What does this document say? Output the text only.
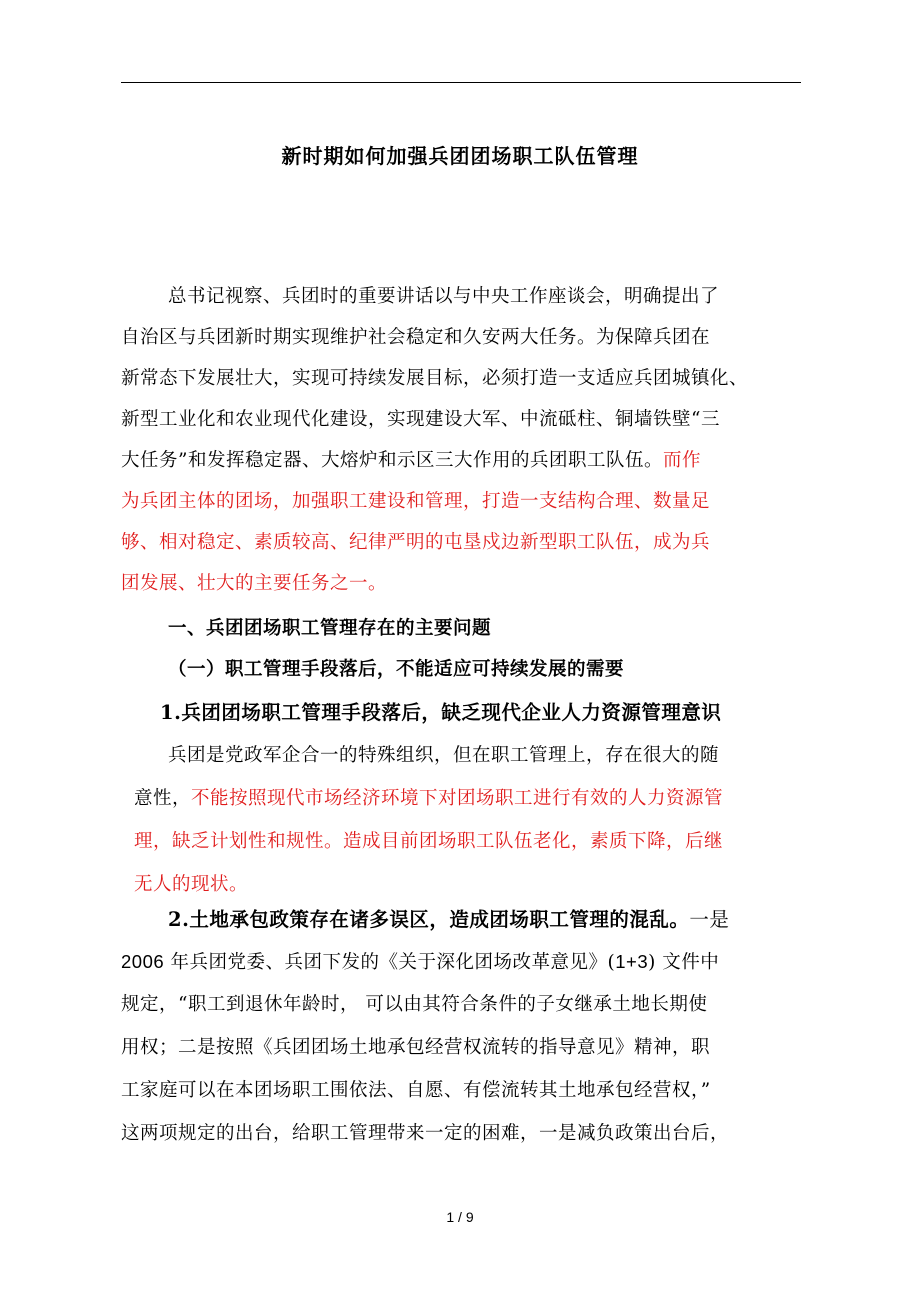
新时期如何加强兵团团场职工队伍管理
总书记视察、兵团时的重要讲话以与中央工作座谈会，明确提出了
自治区与兵团新时期实现维护社会稳定和久安两大任务。为保障兵团在
新常态下发展壮大，实现可持续发展目标，必须打造一支适应兵团城镇化、
新型工业化和农业现代化建设，实现建设大军、中流砥柱、铜墙铁壁“三
大任务”和发挥稳定器、大熔炉和示区三大作用的兵团职工队伍。而作
为兵团主体的团场，加强职工建设和管理，打造一支结构合理、数量足
够、相对稳定、素质较高、纪律严明的屯垦戍边新型职工队伍，成为兵
团发展、壮大的主要任务之一。
一、兵团团场职工管理存在的主要问题
（一）职工管理手段落后，不能适应可持续发展的需要
1.兵团团场职工管理手段落后，缺乏现代企业人力资源管理意识
兵团是党政军企合一的特殊组织，但在职工管理上，存在很大的随
意性，不能按照现代市场经济环境下对团场职工进行有效的人力资源管
理，缺乏计划性和规性。造成目前团场职工队伍老化，素质下降，后继
无人的现状。
2.土地承包政策存在诸多误区，造成团场职工管理的混乱。一是
2006 年兵团党委、兵团下发的《关于深化团场改革意见》(1+3) 文件中
规定，“职工到退休年龄时， 可以由其符合条件的子女继承土地长期使
用权；二是按照《兵团团场土地承包经营权流转的指导意见》精神，职
工家庭可以在本团场职工围依法、自愿、有偿流转其土地承包经营权，”
这两项规定的出台，给职工管理带来一定的困难，一是减负政策出台后，
1 / 9
